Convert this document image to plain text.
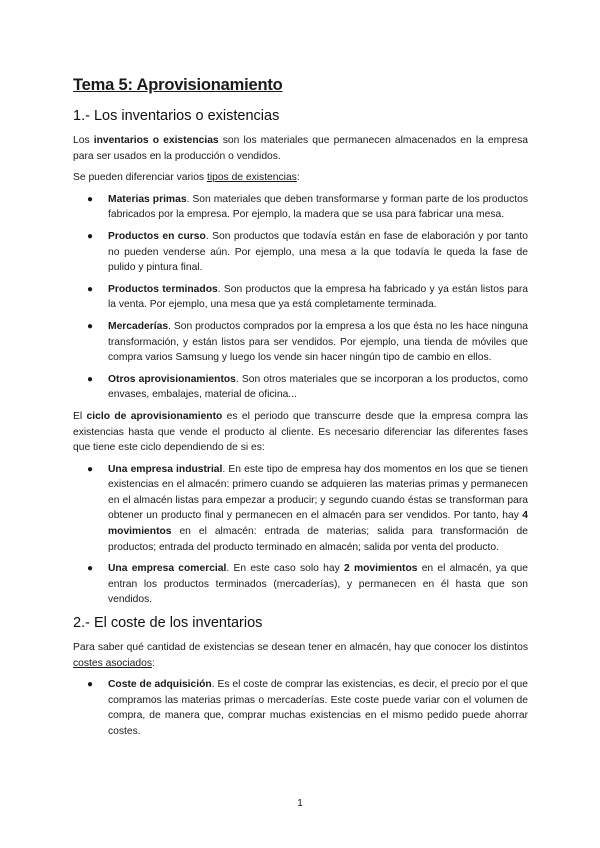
Tema 5: Aprovisionamiento
1.- Los inventarios o existencias

Los inventarios o existencias son los materiales que permanecen almacenados en la empresa para ser usados en la producción o vendidos.

Se pueden diferenciar varios tipos de existencias:

● Materias primas. Son materiales que deben transformarse y forman parte de los productos fabricados por la empresa. Por ejemplo, la madera que se usa para fabricar una mesa.
● Productos en curso. Son productos que todavía están en fase de elaboración y por tanto no pueden venderse aún. Por ejemplo, una mesa a la que todavía le queda la fase de pulido y pintura final.
● Productos terminados. Son productos que la empresa ha fabricado y ya están listos para la venta. Por ejemplo, una mesa que ya está completamente terminada.
● Mercaderías. Son productos comprados por la empresa a los que ésta no les hace ninguna transformación, y están listos para ser vendidos. Por ejemplo, una tienda de móviles que compra varios Samsung y luego los vende sin hacer ningún tipo de cambio en ellos.
● Otros aprovisionamientos. Son otros materiales que se incorporan a los productos, como envases, embalajes, material de oficina...

El ciclo de aprovisionamiento es el periodo que transcurre desde que la empresa compra las existencias hasta que vende el producto al cliente. Es necesario diferenciar las diferentes fases que tiene este ciclo dependiendo de si es:

● Una empresa industrial. En este tipo de empresa hay dos momentos en los que se tienen existencias en el almacén: primero cuando se adquieren las materias primas y permanecen en el almacén listas para empezar a producir; y segundo cuando éstas se transforman para obtener un producto final y permanecen en el almacén para ser vendidos. Por tanto, hay 4 movimientos en el almacén: entrada de materias; salida para transformación de productos; entrada del producto terminado en almacén; salida por venta del producto.
● Una empresa comercial. En este caso solo hay 2 movimientos en el almacén, ya que entran los productos terminados (mercaderías), y permanecen en él hasta que son vendidos.
2.- El coste de los inventarios

Para saber qué cantidad de existencias se desean tener en almacén, hay que conocer los distintos costes asociados:

● Coste de adquisición. Es el coste de comprar las existencias, es decir, el precio por el que compramos las materias primas o mercaderías. Este coste puede variar con el volumen de compra, de manera que, comprar muchas existencias en el mismo pedido puede ahorrar costes.
1
